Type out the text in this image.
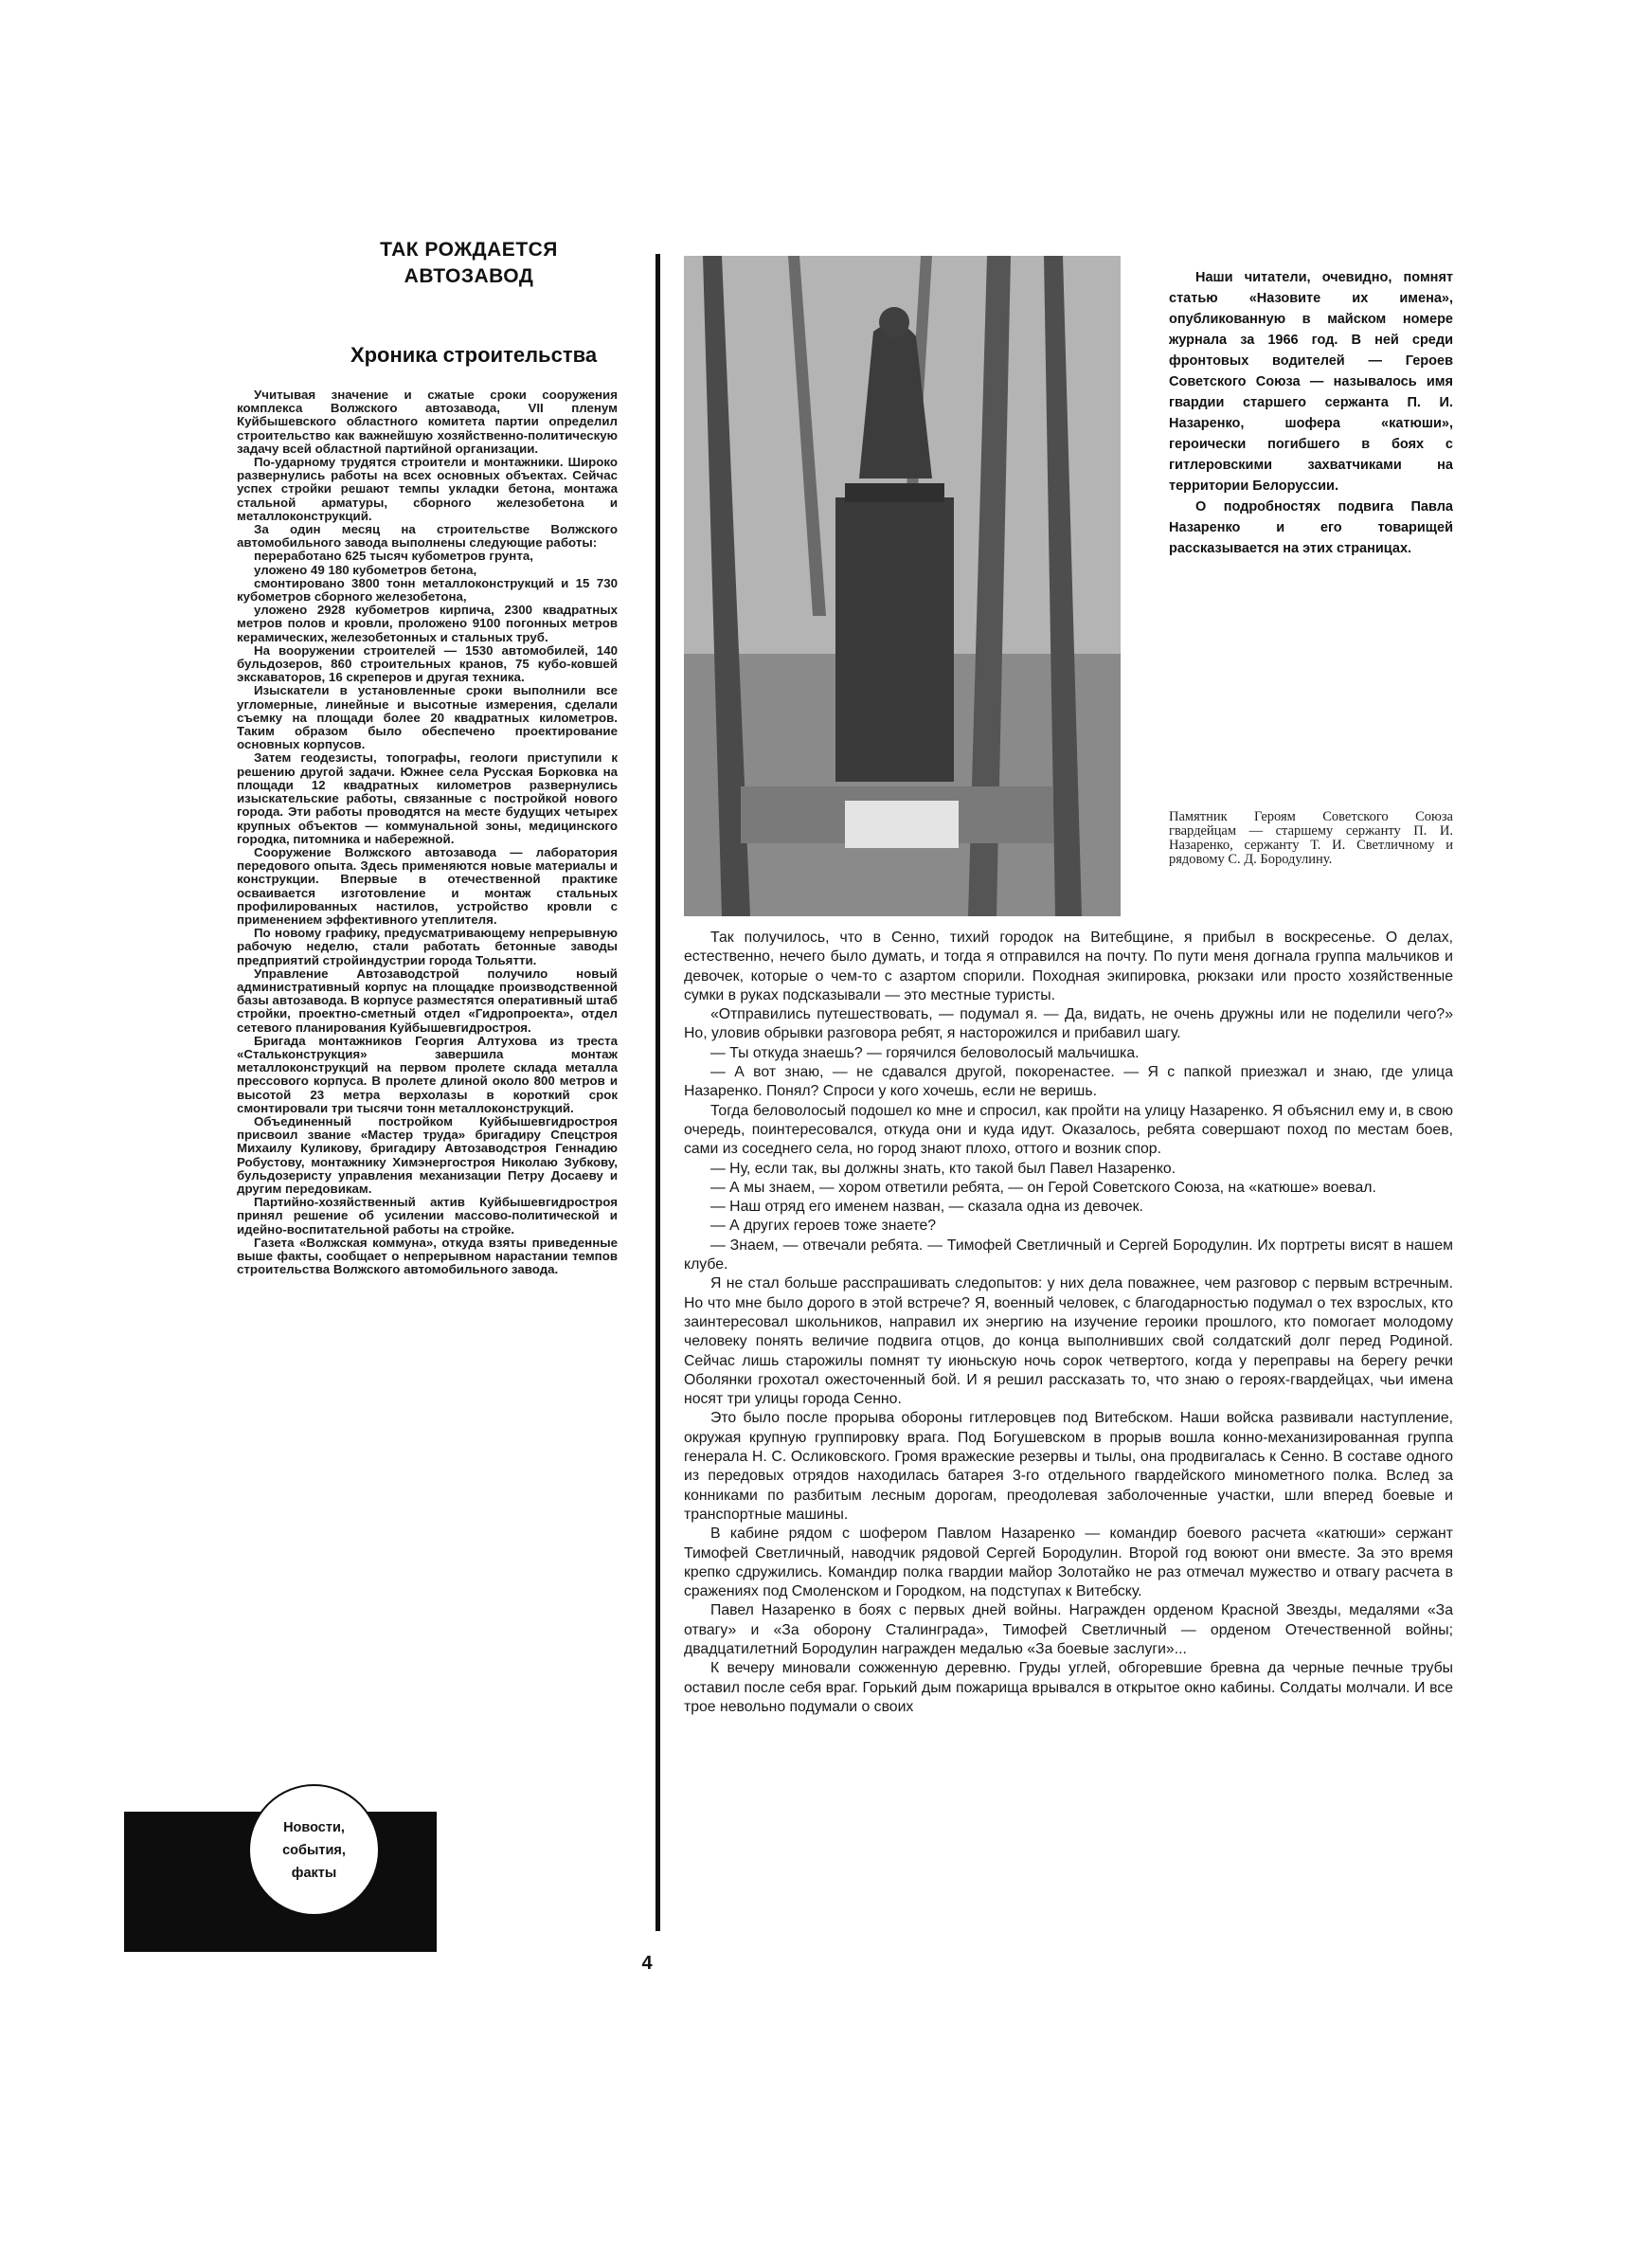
ТАК РОЖДАЕТСЯ
АВТОЗАВОД
Хроника строительства

Учитывая значение и сжатые сроки сооружения комплекса Волжского автозавода, VII пленум Куйбышевского областного комитета партии определил строительство как важнейшую хозяйственно-политическую задачу всей областной партийной организации.

По-ударному трудятся строители и монтажники. Широко развернулись работы на всех основных объектах. Сейчас успех стройки решают темпы укладки бетона, монтажа стальной арматуры, сборного железобетона и металлоконструкций.

За один месяц на строительстве Волжского автомобильного завода выполнены следующие работы:

переработано 625 тысяч кубометров грунта,

уложено 49 180 кубометров бетона,

смонтировано 3800 тонн металлоконструкций и 15 730 кубометров сборного железобетона,

уложено 2928 кубометров кирпича, 2300 квадратных метров полов и кровли, проложено 9100 погонных метров керамических, железобетонных и стальных труб.

На вооружении строителей — 1530 автомобилей, 140 бульдозеров, 860 строительных кранов, 75 кубо-ковшей экскаваторов, 16 скреперов и другая техника.

Изыскатели в установленные сроки выполнили все угломерные, линейные и высотные измерения, сделали съемку на площади более 20 квадратных километров. Таким образом было обеспечено проектирование основных корпусов.

Затем геодезисты, топографы, геологи приступили к решению другой задачи. Южнее села Русская Борковка на площади 12 квадратных километров развернулись изыскательские работы, связанные с постройкой нового города. Эти работы проводятся на месте будущих четырех крупных объектов — коммунальной зоны, медицинского городка, питомника и набережной.

Сооружение Волжского автозавода — лаборатория передового опыта. Здесь применяются новые материалы и конструкции. Впервые в отечественной практике осваивается изготовление и монтаж стальных профилированных настилов, устройство кровли с применением эффективного утеплителя.

По новому графику, предусматривающему непрерывную рабочую неделю, стали работать бетонные заводы предприятий стройиндустрии города Тольятти.

Управление Автозаводстрой получило новый административный корпус на площадке производственной базы автозавода. В корпусе разместятся оперативный штаб стройки, проектно-сметный отдел «Гидропроекта», отдел сетевого планирования Куйбышевгидростроя.

Бригада монтажников Георгия Алтухова из треста «Стальконструкция» завершила монтаж металлоконструкций на первом пролете склада металла прессового корпуса. В пролете длиной около 800 метров и высотой 23 метра верхолазы в короткий срок смонтировали три тысячи тонн металлоконструкций.

Объединенный постройком Куйбышевгидростроя присвоил звание «Мастер труда» бригадиру Спецстроя Михаилу Куликову, бригадиру Автозаводстроя Геннадию Робустову, монтажнику Химэнергостроя Николаю Зубкову, бульдозеристу управления механизации Петру Досаеву и другим передовикам.

Партийно-хозяйственный актив Куйбышевгидростроя принял решение об усилении массово-политической и идейно-воспитательной работы на стройке.

Газета «Волжская коммуна», откуда взяты приведенные выше факты, сообщает о непрерывном нарастании темпов строительства Волжского автомобильного завода.

Наши читатели, очевидно, помнят статью «Назовите их имена», опубликованную в майском номере журнала за 1966 год. В ней среди фронтовых водителей — Героев Советского Союза — называлось имя гвардии старшего сержанта П. И. Назаренко, шофера «катюши», героически погибшего в боях с гитлеровскими захватчиками на территории Белоруссии.

О подробностях подвига Павла Назаренко и его товарищей рассказывается на этих страницах.

Памятник Героям Советского Союза гвардейцам — старшему сержанту П. И. Назаренко, сержанту Т. И. Светличному и рядовому С. Д. Бородулину.

Так получилось, что в Сенно, тихий городок на Витебщине, я прибыл в воскресенье. О делах, естественно, нечего было думать, и тогда я отправился на почту. По пути меня догнала группа мальчиков и девочек, которые о чем-то с азартом спорили. Походная экипировка, рюкзаки или просто хозяйственные сумки в руках подсказывали — это местные туристы.

«Отправились путешествовать, — подумал я. — Да, видать, не очень дружны или не поделили чего?» Но, уловив обрывки разговора ребят, я насторожился и прибавил шагу.

— Ты откуда знаешь? — горячился беловолосый мальчишка.

— А вот знаю, — не сдавался другой, покоренастее. — Я с папкой приезжал и знаю, где улица Назаренко. Понял? Спроси у кого хочешь, если не веришь.

Тогда беловолосый подошел ко мне и спросил, как пройти на улицу Назаренко. Я объяснил ему и, в свою очередь, поинтересовался, откуда они и куда идут. Оказалось, ребята совершают поход по местам боев, сами из соседнего села, но город знают плохо, оттого и возник спор.

— Ну, если так, вы должны знать, кто такой был Павел Назаренко.

— А мы знаем, — хором ответили ребята, — он Герой Советского Союза, на «катюше» воевал.

— Наш отряд его именем назван, — сказала одна из девочек.

— А других героев тоже знаете?

— Знаем, — отвечали ребята. — Тимофей Светличный и Сергей Бородулин. Их портреты висят в нашем клубе.

Я не стал больше расспрашивать следопытов: у них дела поважнее, чем разговор с первым встречным. Но что мне было дорого в этой встрече? Я, военный человек, с благодарностью подумал о тех взрослых, кто заинтересовал школьников, направил их энергию на изучение героики прошлого, кто помогает молодому человеку понять величие подвига отцов, до конца выполнивших свой солдатский долг перед Родиной. Сейчас лишь старожилы помнят ту июньскую ночь сорок четвертого, когда у переправы на берегу речки Оболянки грохотал ожесточенный бой. И я решил рассказать то, что знаю о героях-гвардейцах, чьи имена носят три улицы города Сенно.

Это было после прорыва обороны гитлеровцев под Витебском. Наши войска развивали наступление, окружая крупную группировку врага. Под Богушевском в прорыв вошла конно-механизированная группа генерала Н. С. Осликовского. Громя вражеские резервы и тылы, она продвигалась к Сенно. В составе одного из передовых отрядов находилась батарея 3-го отдельного гвардейского минометного полка. Вслед за конниками по разбитым лесным дорогам, преодолевая заболоченные участки, шли вперед боевые и транспортные машины.

В кабине рядом с шофером Павлом Назаренко — командир боевого расчета «катюши» сержант Тимофей Светличный, наводчик рядовой Сергей Бородулин. Второй год воюют они вместе. За это время крепко сдружились. Командир полка гвардии майор Золотайко не раз отмечал мужество и отвагу расчета в сражениях под Смоленском и Городком, на подступах к Витебску.

Павел Назаренко в боях с первых дней войны. Награжден орденом Красной Звезды, медалями «За отвагу» и «За оборону Сталинграда», Тимофей Светличный — орденом Отечественной войны; двадцатилетний Бородулин награжден медалью «За боевые заслуги»...

К вечеру миновали сожженную деревню. Груды углей, обгоревшие бревна да черные печные трубы оставил после себя враг. Горький дым пожарища врывался в открытое окно кабины. Солдаты молчали. И все трое невольно подумали о своих

Новости,
события,
факты
4
